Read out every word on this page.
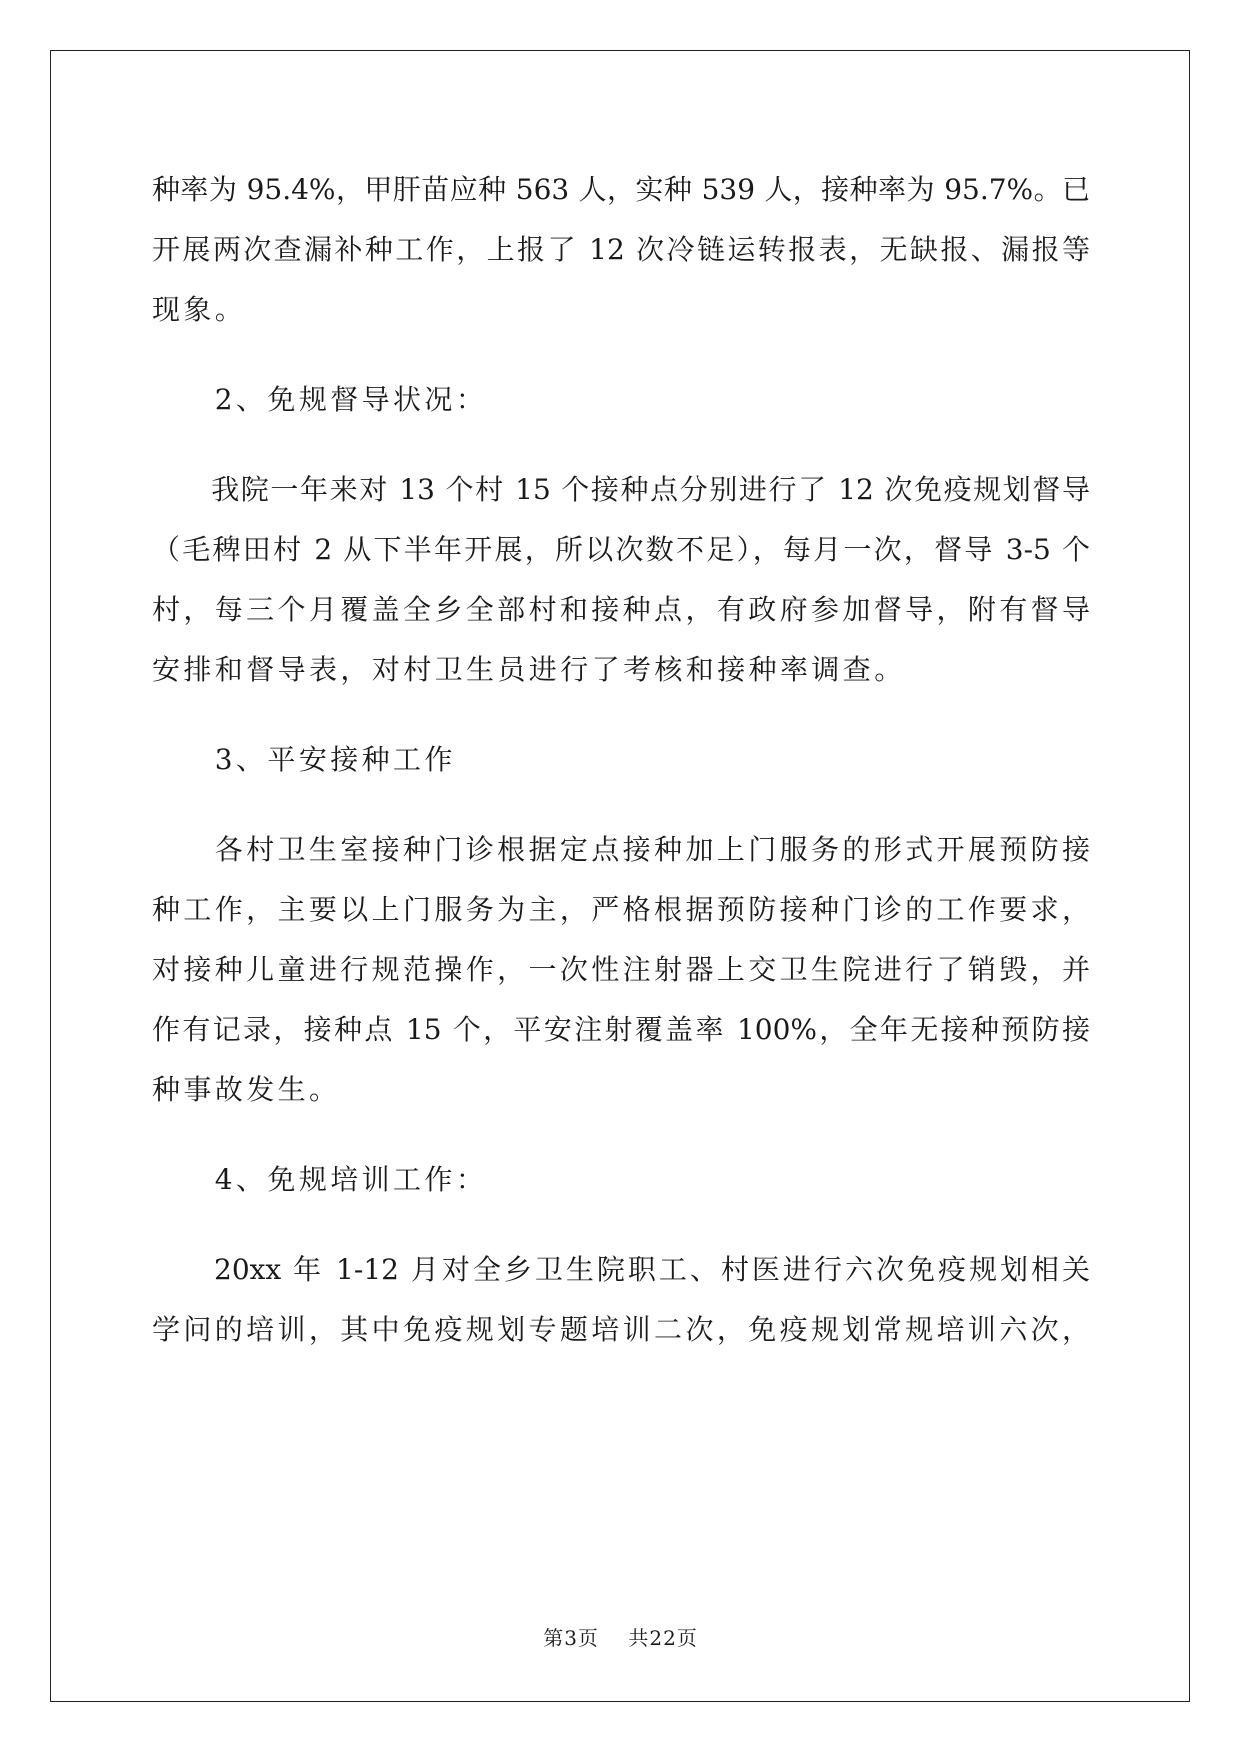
种率为 95.4%，甲肝苗应种 563 人，实种 539 人，接种率为 95.7%。已

开展两次查漏补种工作，上报了 12 次冷链运转报表，无缺报、漏报等

现象。

　　2、免规督导状况：

　　我院一年来对 13 个村 15 个接种点分别进行了 12 次免疫规划督导

（毛稗田村 2 从下半年开展，所以次数不足），每月一次，督导 3-5 个

村，每三个月覆盖全乡全部村和接种点，有政府参加督导，附有督导

安排和督导表，对村卫生员进行了考核和接种率调查。

　　3、平安接种工作

　　各村卫生室接种门诊根据定点接种加上门服务的形式开展预防接

种工作，主要以上门服务为主，严格根据预防接种门诊的工作要求，

对接种儿童进行规范操作，一次性注射器上交卫生院进行了销毁，并

作有记录，接种点 15 个，平安注射覆盖率 100%，全年无接种预防接

种事故发生。

　　4、免规培训工作：

　　20xx 年 1-12 月对全乡卫生院职工、村医进行六次免疫规划相关

学问的培训，其中免疫规划专题培训二次，免疫规划常规培训六次，

第3页 共22页
